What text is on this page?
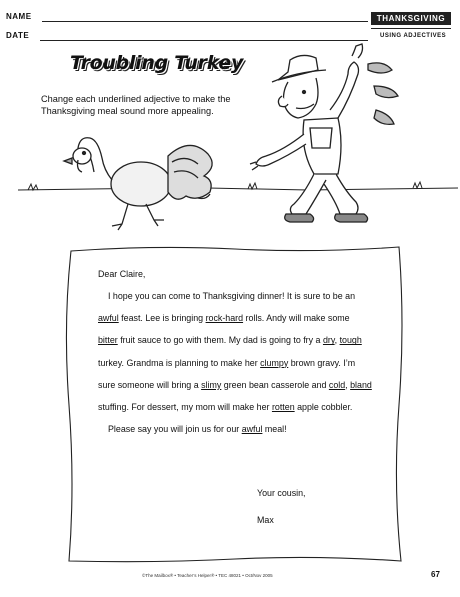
NAME
DATE
THANKSGIVING
USING ADJECTIVES
Troubling Turkey
Change each underlined adjective to make the Thanksgiving meal sound more appealing.
Dear Claire,

I hope you can come to Thanksgiving dinner! It is sure to be an

awful feast. Lee is bringing rock-hard rolls. Andy will make some

bitter fruit sauce to go with them. My dad is going to fry a dry, tough

turkey. Grandma is planning to make her clumpy brown gravy. I’m

sure someone will bring a slimy green bean casserole and cold, bland

stuffing. For dessert, my mom will make her rotten apple cobbler.

Please say you will join us for our awful meal!

Your cousin,
Max
©The Mailbox® • Teacher’s Helper® • TEC 48021 • Oct/Nov 2005	67
